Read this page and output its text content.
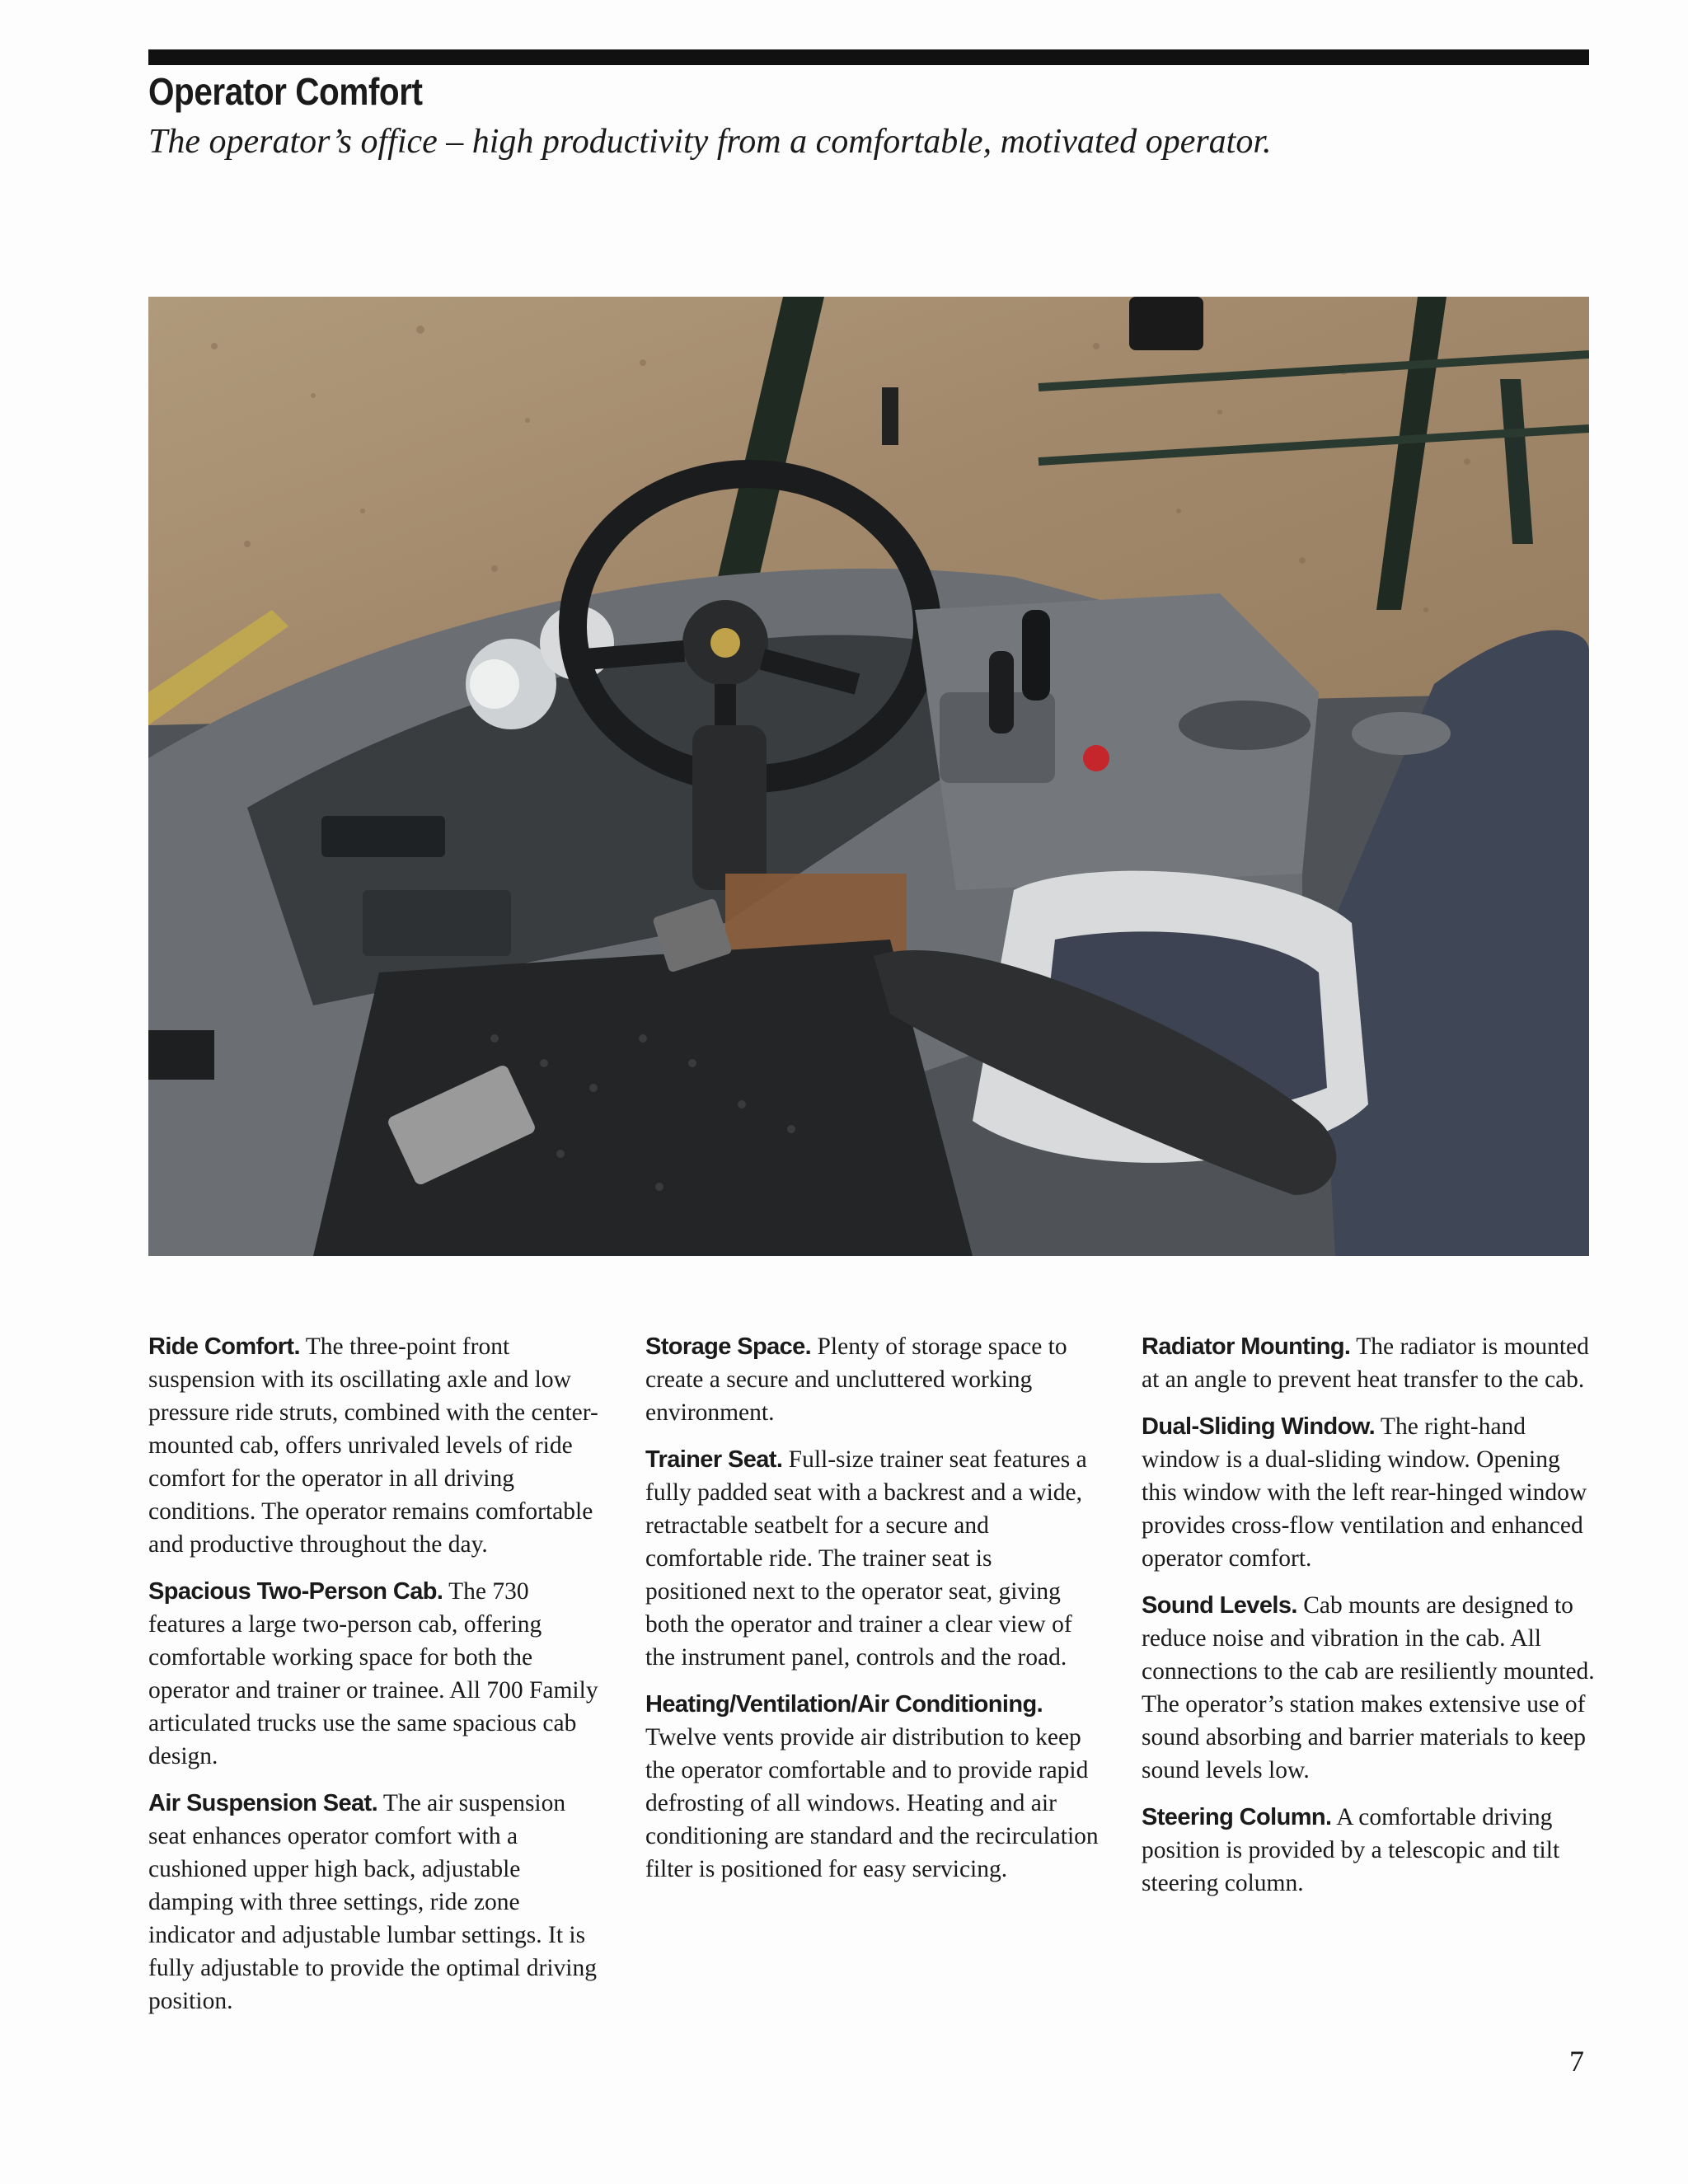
Operator Comfort
The operator’s office – high productivity from a comfortable, motivated operator.

Ride Comfort. The three-point front suspension with its oscillating axle and low pressure ride struts, combined with the center-mounted cab, offers unrivaled levels of ride comfort for the operator in all driving conditions. The operator remains comfortable and productive throughout the day.

Spacious Two-Person Cab. The 730 features a large two-person cab, offering comfortable working space for both the operator and trainer or trainee. All 700 Family articulated trucks use the same spacious cab design.

Air Suspension Seat. The air suspension seat enhances operator comfort with a cushioned upper high back, adjustable damping with three settings, ride zone indicator and adjustable lumbar settings. It is fully adjustable to provide the optimal driving position.

Storage Space. Plenty of storage space to create a secure and uncluttered working environment.

Trainer Seat. Full-size trainer seat features a fully padded seat with a backrest and a wide, retractable seatbelt for a secure and comfortable ride. The trainer seat is positioned next to the operator seat, giving both the operator and trainer a clear view of the instrument panel, controls and the road.

Heating/Ventilation/Air Conditioning. Twelve vents provide air distribution to keep the operator comfortable and to provide rapid defrosting of all windows. Heating and air conditioning are standard and the recirculation filter is positioned for easy servicing.

Radiator Mounting. The radiator is mounted at an angle to prevent heat transfer to the cab.

Dual-Sliding Window. The right-hand window is a dual-sliding window. Opening this window with the left rear-hinged window provides cross-flow ventilation and enhanced operator comfort.

Sound Levels. Cab mounts are designed to reduce noise and vibration in the cab. All connections to the cab are resiliently mounted. The operator’s station makes extensive use of sound absorbing and barrier materials to keep sound levels low.

Steering Column. A comfortable driving position is provided by a telescopic and tilt steering column.

7
